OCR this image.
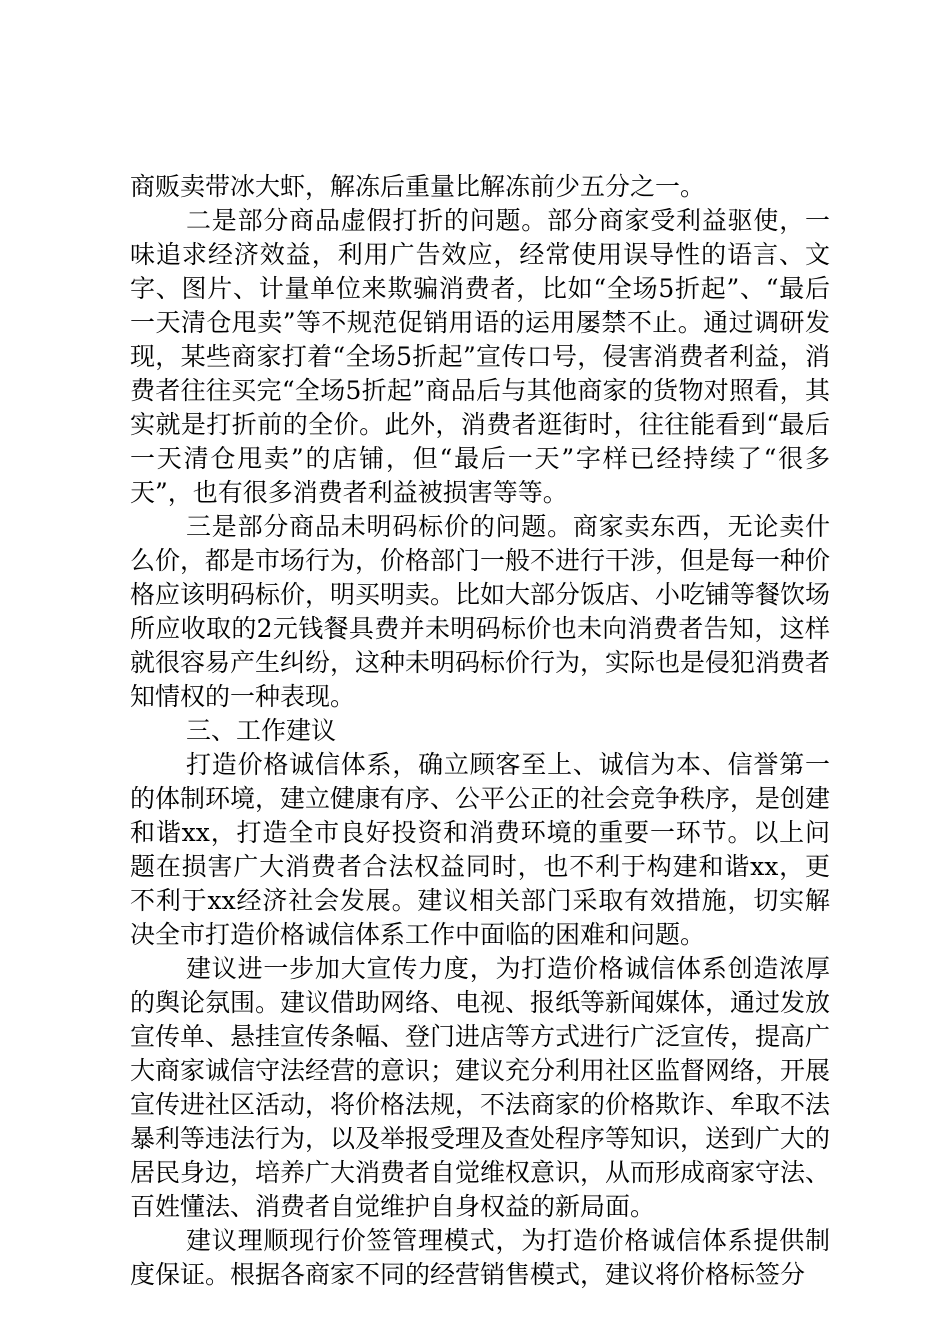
商贩卖带冰大虾，解冻后重量比解冻前少五分之一。

二是部分商品虚假打折的问题。部分商家受利益驱使，一味追求经济效益，利用广告效应，经常使用误导性的语言、文字、图片、计量单位来欺骗消费者，比如“全场5折起”、“最后一天清仓甩卖”等不规范促销用语的运用屡禁不止。通过调研发现，某些商家打着“全场5折起”宣传口号，侵害消费者利益，消费者往往买完“全场5折起”商品后与其他商家的货物对照看，其实就是打折前的全价。此外，消费者逛街时，往往能看到“最后一天清仓甩卖”的店铺，但“最后一天”字样已经持续了“很多天”，也有很多消费者利益被损害等等。

三是部分商品未明码标价的问题。商家卖东西，无论卖什么价，都是市场行为，价格部门一般不进行干涉，但是每一种价格应该明码标价，明买明卖。比如大部分饭店、小吃铺等餐饮场所应收取的2元钱餐具费并未明码标价也未向消费者告知，这样就很容易产生纠纷，这种未明码标价行为，实际也是侵犯消费者知情权的一种表现。

三、工作建议

打造价格诚信体系，确立顾客至上、诚信为本、信誉第一的体制环境，建立健康有序、公平公正的社会竞争秩序，是创建和谐xx，打造全市良好投资和消费环境的重要一环节。以上问题在损害广大消费者合法权益同时，也不利于构建和谐xx，更不利于xx经济社会发展。建议相关部门采取有效措施，切实解决全市打造价格诚信体系工作中面临的困难和问题。

建议进一步加大宣传力度，为打造价格诚信体系创造浓厚的舆论氛围。建议借助网络、电视、报纸等新闻媒体，通过发放宣传单、悬挂宣传条幅、登门进店等方式进行广泛宣传，提高广大商家诚信守法经营的意识；建议充分利用社区监督网络，开展宣传进社区活动，将价格法规，不法商家的价格欺诈、牟取不法暴利等违法行为，以及举报受理及查处程序等知识，送到广大的居民身边，培养广大消费者自觉维权意识，从而形成商家守法、百姓懂法、消费者自觉维护自身权益的新局面。

建议理顺现行价签管理模式，为打造价格诚信体系提供制度保证。根据各商家不同的经营销售模式，建议将价格标签分
